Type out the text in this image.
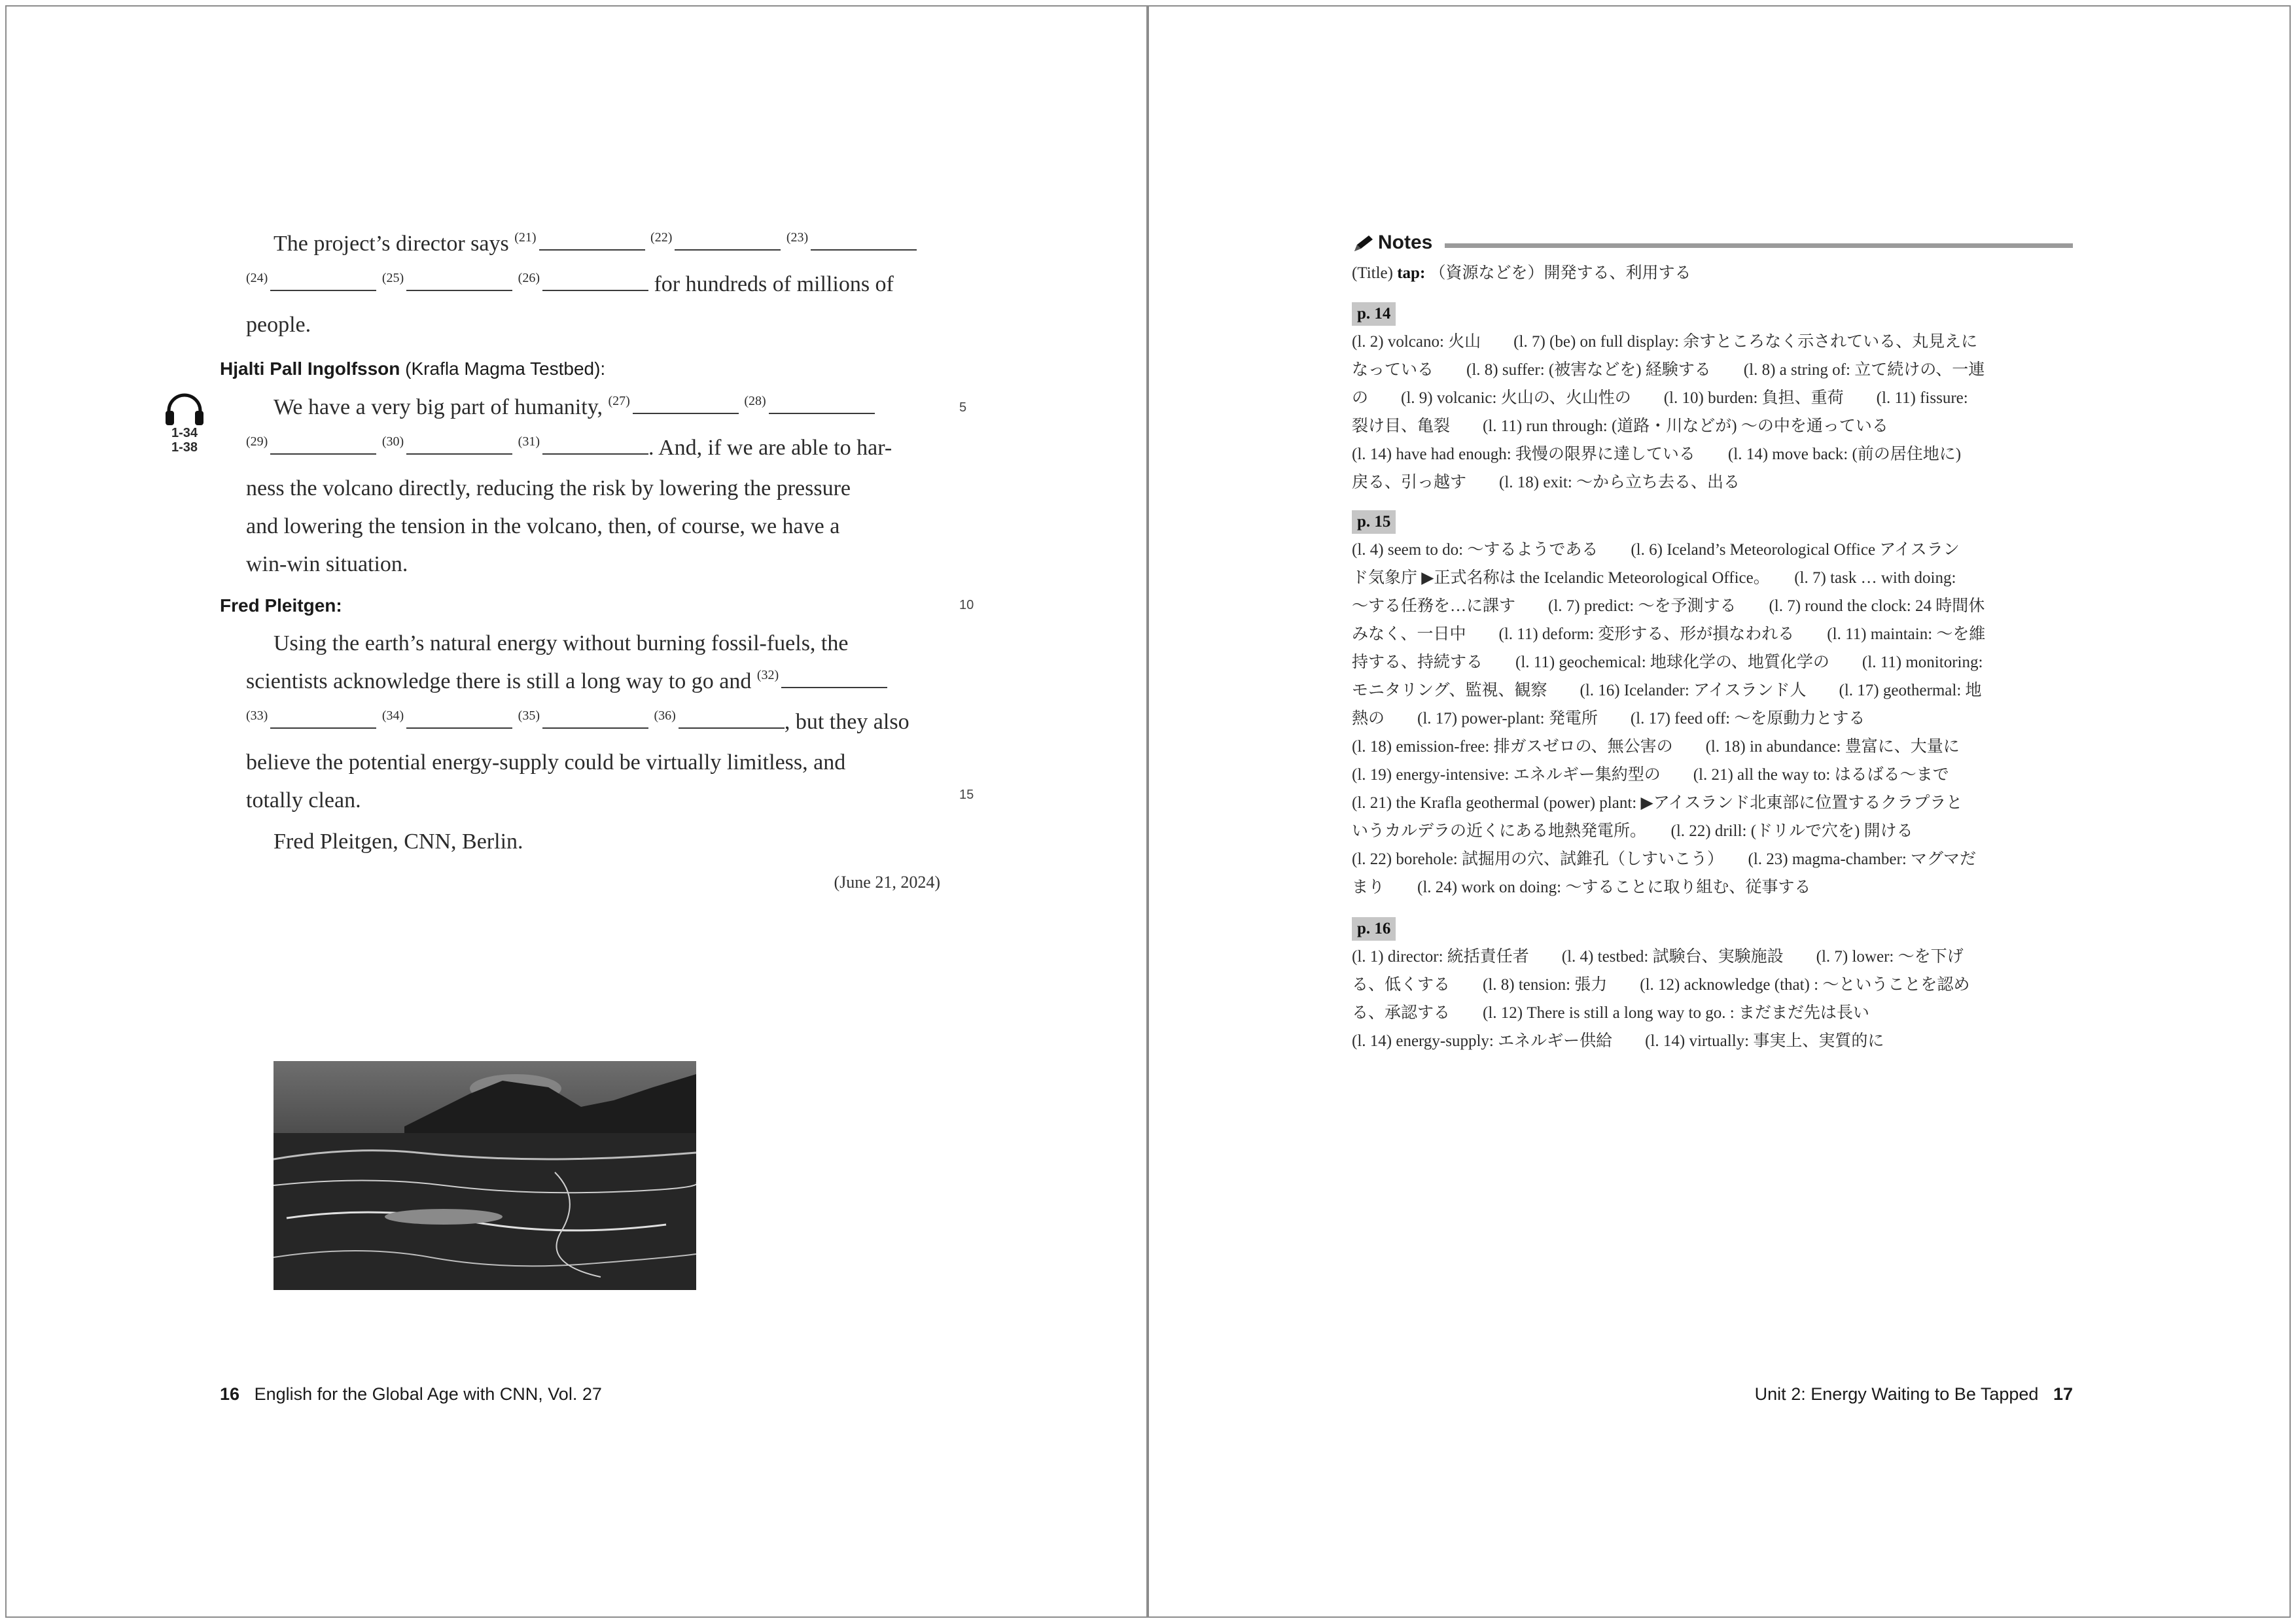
The project’s director says $^{(21)}$	$^{(22)}$	$^{(23)}$
$^{(24)}$	$^{(25)}$	$^{(26)}$	for hundreds of millions of
people.
Hjalti Pall Ingolfsson (Krafla Magma Testbed):
1-34
1-38
We have a very big part of humanity, $^{(27)}$	$^{(28)}$
$^{(29)}$	$^{(30)}$	$^{(31)}$	. And, if we are able to har-
ness the volcano directly, reducing the risk by lowering the pressure
and lowering the tension in the volcano, then, of course, we have a
win-win situation.
Fred Pleitgen:
Using the earth’s natural energy without burning fossil-fuels, the
scientists acknowledge there is still a long way to go and $^{(32)}$
$^{(33)}$	$^{(34)}$	$^{(35)}$	$^{(36)}$	, but they also
believe the potential energy-supply could be virtually limitless, and
totally clean.
Fred Pleitgen, CNN, Berlin.
(June 21, 2024)
5
10
15
16 English for the Global Age with CNN, Vol. 27
Notes
(Title) tap: （資源などを）開発する、利用する
p. 14
(l. 2) volcano: 火山　　(l. 7) (be) on full display: 余すところなく示されている、丸見えに
なっている　　(l. 8) suffer: (被害などを) 経験する　　(l. 8) a string of: 立て続けの、一連
の　　(l. 9) volcanic: 火山の、火山性の　　(l. 10) burden: 負担、重荷　　(l. 11) fissure:
裂け目、亀裂　　(l. 11) run through: (道路・川などが) ～の中を通っている
(l. 14) have had enough: 我慢の限界に達している　　(l. 14) move back: (前の居住地に)
戻る、引っ越す　　(l. 18) exit: ～から立ち去る、出る
p. 15
(l. 4) seem to do: ～するようである　　(l. 6) Iceland’s Meteorological Office アイスラン
ド気象庁 ▶正式名称は the Icelandic Meteorological Office。　　(l. 7) task … with doing:
～する任務を…に課す　　(l. 7) predict: ～を予測する　　(l. 7) round the clock: 24 時間休
みなく、一日中　　(l. 11) deform: 変形する、形が損なわれる　　(l. 11) maintain: ～を維
持する、持続する　　(l. 11) geochemical: 地球化学の、地質化学の　　(l. 11) monitoring:
モニタリング、監視、観察　　(l. 16) Icelander: アイスランド人　　(l. 17) geothermal: 地
熱の　　(l. 17) power-plant: 発電所　　(l. 17) feed off: ～を原動力とする
(l. 18) emission-free: 排ガスゼロの、無公害の　　(l. 18) in abundance: 豊富に、大量に
(l. 19) energy-intensive: エネルギー集約型の　　(l. 21) all the way to: はるばる～まで
(l. 21) the Krafla geothermal (power) plant: ▶アイスランド北東部に位置するクラプラと
いうカルデラの近くにある地熱発電所。　　(l. 22) drill: (ドリルで穴を) 開ける
(l. 22) borehole: 試掘用の穴、試錐孔（しすいこう）　　(l. 23) magma-chamber: マグマだ
まり　　(l. 24) work on doing: ～することに取り組む、従事する
p. 16
(l. 1) director: 統括責任者　　(l. 4) testbed: 試験台、実験施設　　(l. 7) lower: ～を下げ
る、低くする　　(l. 8) tension: 張力　　(l. 12) acknowledge (that) : ～ということを認め
る、承認する　　(l. 12) There is still a long way to go. : まだまだ先は長い
(l. 14) energy-supply: エネルギー供給　　(l. 14) virtually: 事実上、実質的に
Unit 2: Energy Waiting to Be Tapped 17
